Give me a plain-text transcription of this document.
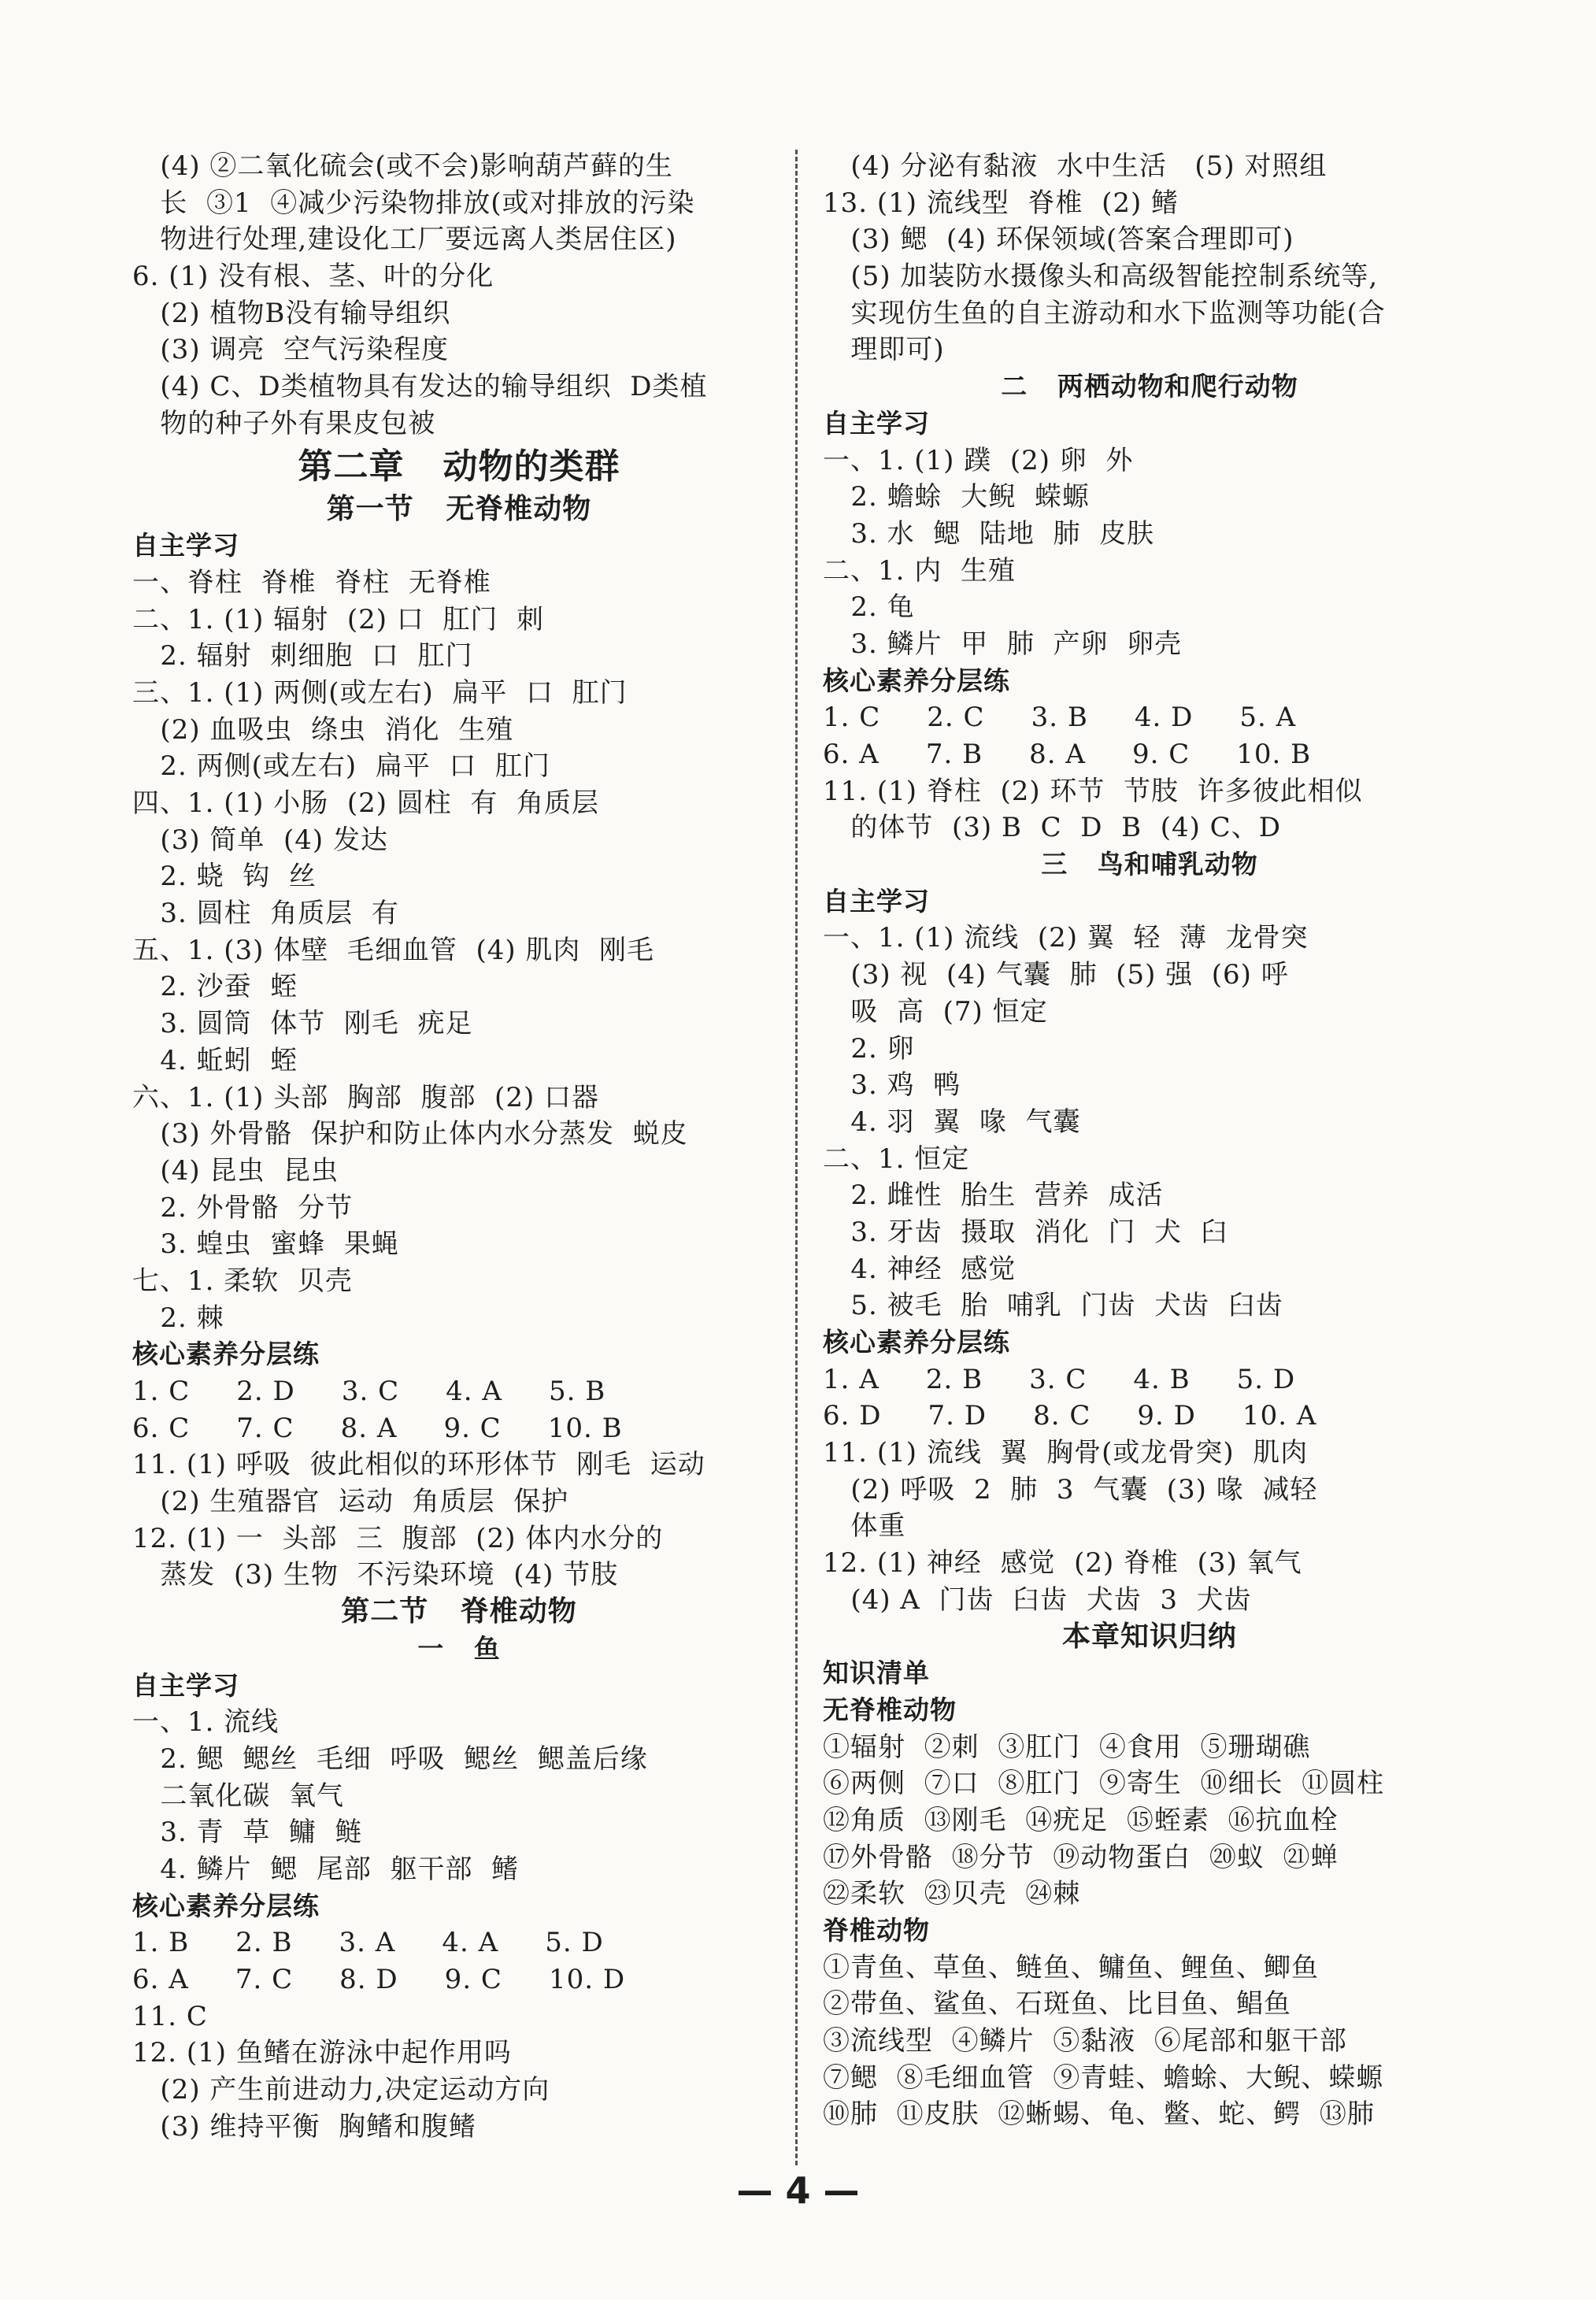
(4) ②二氧化硫会(或不会)影响葫芦藓的生
长  ③1  ④减少污染物排放(或对排放的污染
物进行处理,建设化工厂要远离人类居住区)
6. (1) 没有根、茎、叶的分化
(2) 植物B没有输导组织
(3) 调亮  空气污染程度
(4) C、D类植物具有发达的输导组织  D类植
物的种子外有果皮包被
第二章   动物的类群
第一节   无脊椎动物
自主学习
一、脊柱  脊椎  脊柱  无脊椎
二、1. (1) 辐射  (2) 口  肛门  刺
2. 辐射  刺细胞  口  肛门
三、1. (1) 两侧(或左右)  扁平  口  肛门
(2) 血吸虫  绦虫  消化  生殖
2. 两侧(或左右)  扁平  口  肛门
四、1. (1) 小肠  (2) 圆柱  有  角质层
(3) 简单  (4) 发达
2. 蛲  钩  丝
3. 圆柱  角质层  有
五、1. (3) 体壁  毛细血管  (4) 肌肉  刚毛
2. 沙蚕  蛭
3. 圆筒  体节  刚毛  疣足
4. 蚯蚓  蛭
六、1. (1) 头部  胸部  腹部  (2) 口器
(3) 外骨骼  保护和防止体内水分蒸发  蜕皮
(4) 昆虫  昆虫
2. 外骨骼  分节
3. 蝗虫  蜜蜂  果蝇
七、1. 柔软  贝壳
2. 棘
核心素养分层练
1. C     2. D     3. C     4. A     5. B
6. C     7. C     8. A     9. C     10. B
11. (1) 呼吸  彼此相似的环形体节  刚毛  运动
(2) 生殖器官  运动  角质层  保护
12. (1) 一  头部  三  腹部  (2) 体内水分的
蒸发  (3) 生物  不污染环境  (4) 节肢
第二节   脊椎动物
一   鱼
自主学习
一、1. 流线
2. 鳃  鳃丝  毛细  呼吸  鳃丝  鳃盖后缘
二氧化碳  氧气
3. 青  草  鳙  鲢
4. 鳞片  鳃  尾部  躯干部  鳍
核心素养分层练
1. B     2. B     3. A     4. A     5. D
6. A     7. C     8. D     9. C     10. D
11. C
12. (1) 鱼鳍在游泳中起作用吗
(2) 产生前进动力,决定运动方向
(3) 维持平衡  胸鳍和腹鳍
(4) 分泌有黏液  水中生活   (5) 对照组
13. (1) 流线型  脊椎  (2) 鳍
(3) 鳃  (4) 环保领域(答案合理即可)
(5) 加装防水摄像头和高级智能控制系统等,
实现仿生鱼的自主游动和水下监测等功能(合
理即可)
二   两栖动物和爬行动物
自主学习
一、1. (1) 蹼  (2) 卵  外
2. 蟾蜍  大鲵  蝾螈
3. 水  鳃  陆地  肺  皮肤
二、1. 内  生殖
2. 龟
3. 鳞片  甲  肺  产卵  卵壳
核心素养分层练
1. C     2. C     3. B     4. D     5. A
6. A     7. B     8. A     9. C     10. B
11. (1) 脊柱  (2) 环节  节肢  许多彼此相似
的体节  (3) B  C  D  B  (4) C、D
三   鸟和哺乳动物
自主学习
一、1. (1) 流线  (2) 翼  轻  薄  龙骨突
(3) 视  (4) 气囊  肺  (5) 强  (6) 呼
吸  高  (7) 恒定
2. 卵
3. 鸡  鸭
4. 羽  翼  喙  气囊
二、1. 恒定
2. 雌性  胎生  营养  成活
3. 牙齿  摄取  消化  门  犬  臼
4. 神经  感觉
5. 被毛  胎  哺乳  门齿  犬齿  臼齿
核心素养分层练
1. A     2. B     3. C     4. B     5. D
6. D     7. D     8. C     9. D     10. A
11. (1) 流线  翼  胸骨(或龙骨突)  肌肉
(2) 呼吸  2  肺  3  气囊  (3) 喙  减轻
体重
12. (1) 神经  感觉  (2) 脊椎  (3) 氧气
(4) A  门齿  臼齿  犬齿  3  犬齿
本章知识归纳
知识清单
无脊椎动物
①辐射  ②刺  ③肛门  ④食用  ⑤珊瑚礁
⑥两侧  ⑦口  ⑧肛门  ⑨寄生  ⑩细长  ⑪圆柱
⑫角质  ⑬刚毛  ⑭疣足  ⑮蛭素  ⑯抗血栓
⑰外骨骼  ⑱分节  ⑲动物蛋白  ⑳蚁  ㉑蝉
㉒柔软  ㉓贝壳  ㉔棘
脊椎动物
①青鱼、草鱼、鲢鱼、鳙鱼、鲤鱼、鲫鱼
②带鱼、鲨鱼、石斑鱼、比目鱼、鲳鱼
③流线型  ④鳞片  ⑤黏液  ⑥尾部和躯干部
⑦鳃  ⑧毛细血管  ⑨青蛙、蟾蜍、大鲵、蝾螈
⑩肺  ⑪皮肤  ⑫蜥蜴、龟、鳖、蛇、鳄  ⑬肺
— 4 —
